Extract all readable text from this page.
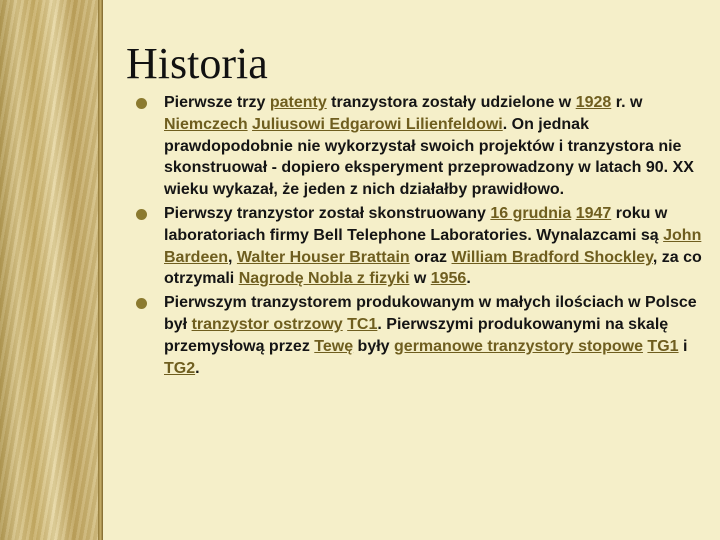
Historia
Pierwsze trzy patenty tranzystora zostały udzielone w 1928 r. w Niemczech Juliusowi Edgarowi Lilienfeldowi. On jednak prawdopodobnie nie wykorzystał swoich projektów i tranzystora nie skonstruował - dopiero eksperyment przeprowadzony w latach 90. XX wieku wykazał, że jeden z nich działałby prawidłowo.
Pierwszy tranzystor został skonstruowany 16 grudnia 1947 roku w laboratoriach firmy Bell Telephone Laboratories. Wynalazcami są John Bardeen, Walter Houser Brattain oraz William Bradford Shockley, za co otrzymali Nagrodę Nobla z fizyki w 1956.
Pierwszym tranzystorem produkowanym w małych ilościach w Polsce był tranzystor ostrzowy TC1. Pierwszymi produkowanymi na skalę przemysłową przez Tewę były germanowe tranzystory stopowe TG1 i TG2.
